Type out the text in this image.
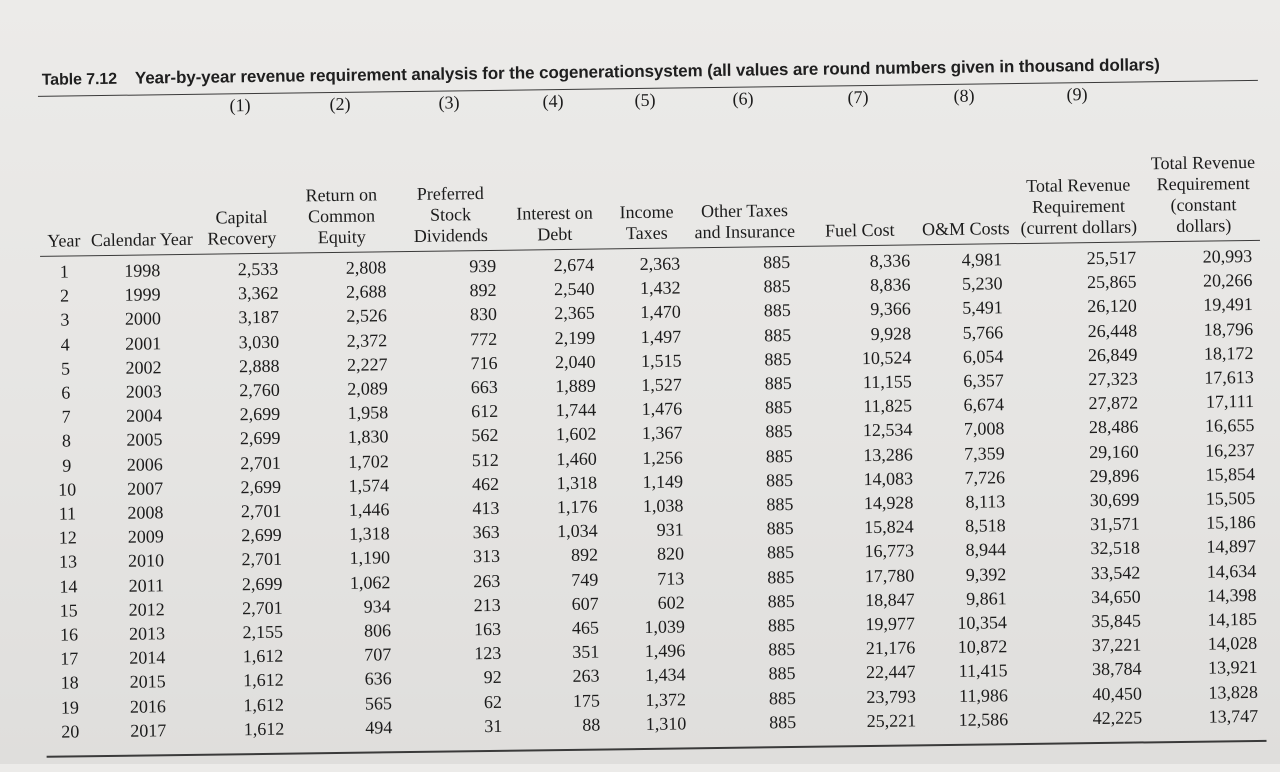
Table 7.12 Year-by-year revenue requirement analysis for the cogenerationsystem (all values are round numbers given in thousand dollars)
		(1)	(2)	(3)	(4)	(5)	(6)	(7)	(8)	(9)	
Year	Calendar Year	Capital Recovery	Return on Common Equity	Preferred Stock Dividends	Interest on Debt	Income Taxes	Other Taxes and Insurance	Fuel Cost	O&M Costs	Total Revenue Requirement (current dollars)	Total Revenue Requirement (constant dollars)
1	1998	2,533	2,808	939	2,674	2,363	885	8,336	4,981	25,517	20,993
2	1999	3,362	2,688	892	2,540	1,432	885	8,836	5,230	25,865	20,266
3	2000	3,187	2,526	830	2,365	1,470	885	9,366	5,491	26,120	19,491
4	2001	3,030	2,372	772	2,199	1,497	885	9,928	5,766	26,448	18,796
5	2002	2,888	2,227	716	2,040	1,515	885	10,524	6,054	26,849	18,172
6	2003	2,760	2,089	663	1,889	1,527	885	11,155	6,357	27,323	17,613
7	2004	2,699	1,958	612	1,744	1,476	885	11,825	6,674	27,872	17,111
8	2005	2,699	1,830	562	1,602	1,367	885	12,534	7,008	28,486	16,655
9	2006	2,701	1,702	512	1,460	1,256	885	13,286	7,359	29,160	16,237
10	2007	2,699	1,574	462	1,318	1,149	885	14,083	7,726	29,896	15,854
11	2008	2,701	1,446	413	1,176	1,038	885	14,928	8,113	30,699	15,505
12	2009	2,699	1,318	363	1,034	931	885	15,824	8,518	31,571	15,186
13	2010	2,701	1,190	313	892	820	885	16,773	8,944	32,518	14,897
14	2011	2,699	1,062	263	749	713	885	17,780	9,392	33,542	14,634
15	2012	2,701	934	213	607	602	885	18,847	9,861	34,650	14,398
16	2013	2,155	806	163	465	1,039	885	19,977	10,354	35,845	14,185
17	2014	1,612	707	123	351	1,496	885	21,176	10,872	37,221	14,028
18	2015	1,612	636	92	263	1,434	885	22,447	11,415	38,784	13,921
19	2016	1,612	565	62	175	1,372	885	23,793	11,986	40,450	13,828
20	2017	1,612	494	31	88	1,310	885	25,221	12,586	42,225	13,747
